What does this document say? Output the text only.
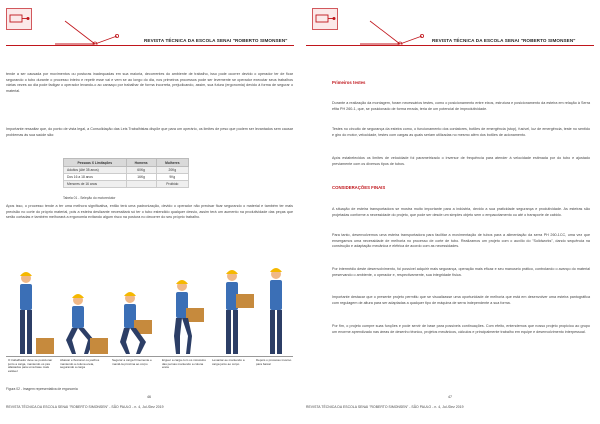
REVISTA TÉCNICA DA ESCOLA SENAI "ROBERTO SIMONSEN"
tende a ser causada por movimentos ou posturas inadequadas em sua maioria, decorrentes do ambiente de trabalho, isso pode ocorrer devido o operador ter de ficar segurando o tubo durante o processo inteiro e repetir esse vai e vem se ao longo do dia, nos primeiros processos pode ser levemente se operador executar seus trabalhos várias vezes ao dia pode fadigar o operador levando-o ao cansaço por trabalhar de forma incorreta, prejudicando, assim, sua futura (ergonomia) devido à forma de segurar o material.
Importante ressaltar que, do ponto de vista legal, a Consolidação das Leis Trabalhistas dispõe que para um operário, os limites de peso que podem ser levantados sem causar problemas às sua saúde são:
Pessoas X Limitações	Homens	Mulheres
Adultos (Até 35 anos)	60Kg	20Kg
Dos 16 a 18 anos	16Kg	9Kg
Menores de 16 anos		Proibido
Tabela 01 - Seleção do motoredutor
Apos isso, o processo tende a ter uma melhora significativa, então terá uma padronização, devido o operador não precisar ficar segurando o material e também ter mais precisão no corte do próprio material, pois a esteira deslizante necessitará só ter o tubo estendido qualquer desvio, assim terá um aumento na produtividade das peças que serão cortadas e também melhorará a ergonomia evitando algum risco na postura no decorrer do seu próprio trabalho.
O trabalhador deve se posicionar junto a carga, mantendo os pés afastados para uma base mais estável
Abaixar e flexionar os joelhos mantendo a coluna ereta, segurando a carga
Segurar a carga firmemente e mantê-la próxima ao corpo
Erguer a carga com os músculos das pernas mantendo a coluna ereta
Levantar-se mantendo a carga junto ao corpo
Depois o processo inverso para baixar
Figura 02 - Imagem representativa de ergonomia
46
REVISTA TÉCNICA DA ESCOLA SENAI "ROBERTO SIMONSEN" - SÃO PAULO - n. 4, Jul./Dez 2019
REVISTA TÉCNICA DA ESCOLA SENAI "ROBERTO SIMONSEN"
Primeiros testes
Durante a realização da montagem, foram necessários testes, como o posicionamento entre eixos, estrutura e posicionamento da esteira em relação à Serra efita PH 260-1, que, se posicionado de forma errada, teria de um potencial de improdutividade.
Testes no circuito de segurança da esteira como, o funcionamento dos contatores, botões de emergência (stop), fusível, luz de emergência, teste no sentido e giro do motor, velocidade, testes com cargas as quais seriam utilizadas no mesmo além dos botões de acionamento.
Após estabelecidos os limites de velocidade foi parametrizado o inversor de frequência para atender à velocidade estimada por do tubo e ajustado previamente com os diversos tipos de tubos.
CONSIDERAÇÕES FINAIS
A situação de esteira transportadora se mostra muito importante para a indústria, devido a sua praticidade segurança e produtividade. As esteiras são projetadas conforme a necessidade do projeto, que pode ser desde um simples objeto sem o empacotamento ou até o transporte de cabido.
Para tanto, desenvolvemos uma esteira transportadora para facilitar a movimentação de tubos para a alimentação da serra PH 260-1CC, uma vez que ensergamos uma necessidade de melhoria no processo de corte de tubo. Realizamos um projeto com o auxílio do "Solidworks", dando sequência na construção e adaptação mecânica e elétrica de acordo com as necessidades.
Por intermédio deste desenvolvimento, foi possível adquirir mais segurança, operação mais eficaz e seu manuseio prático, controlando o avanço do material preservando o ambiente, o operador e, respectivamente, sua integridade física.
Importante destacar que o presente projeto permitiu que se visualizasse uma oportunidade de melhoria que está em desenvolver uma esteira pantográfica com regulagem de altura para ser adaptadas a qualquer tipo de máquina de serra independente a sua forma.
Por fim, o projeto cumpre suas funções e pode servir de base para possíveis continuações. Com efeito, entendemos que nosso projeto propiciou ao grupo um enorme aprendizado nas áreas de desenho técnico, projetos mecânicos, cálculos e principalmente trabalho em equipe e desenvolvimento interpessoal.
47
REVISTA TÉCNICA DA ESCOLA SENAI "ROBERTO SIMONSEN" - SÃO PAULO - n. 4, Jul./Dez 2019
